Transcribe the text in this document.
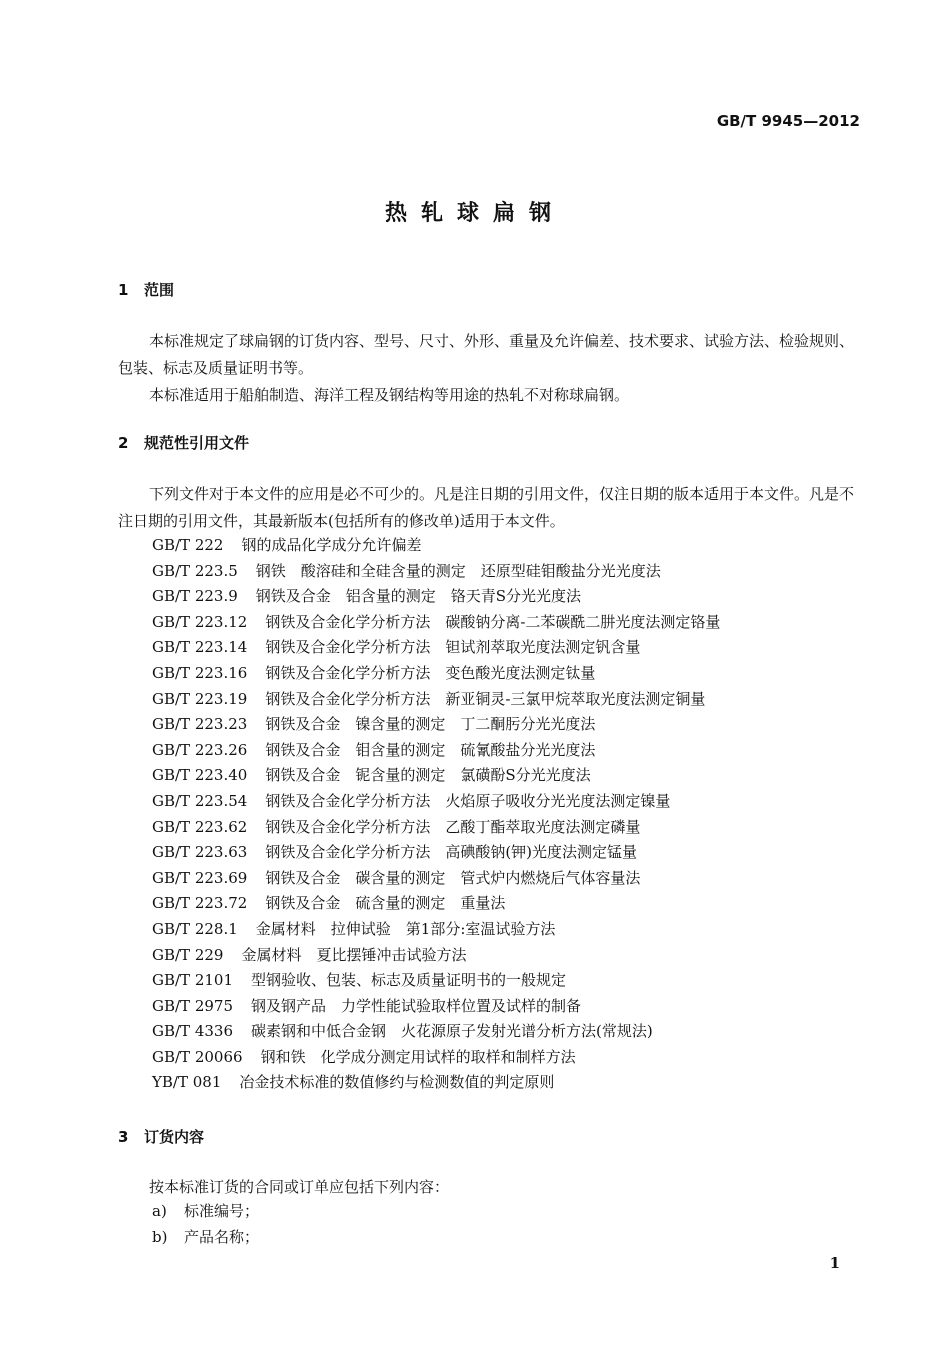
GB/T 9945—2012
热轧球扁钢
1 范围
本标准规定了球扁钢的订货内容、型号、尺寸、外形、重量及允许偏差、技术要求、试验方法、检验规则、包装、标志及质量证明书等。
本标准适用于船舶制造、海洋工程及钢结构等用途的热轧不对称球扁钢。
2 规范性引用文件
下列文件对于本文件的应用是必不可少的。凡是注日期的引用文件，仅注日期的版本适用于本文件。凡是不注日期的引用文件，其最新版本(包括所有的修改单)适用于本文件。
GB/T 222 钢的成品化学成分允许偏差
GB/T 223.5 钢铁　酸溶硅和全硅含量的测定　还原型硅钼酸盐分光光度法
GB/T 223.9 钢铁及合金　铝含量的测定　铬天青S分光光度法
GB/T 223.12 钢铁及合金化学分析方法　碳酸钠分离-二苯碳酰二肼光度法测定铬量
GB/T 223.14 钢铁及合金化学分析方法　钽试剂萃取光度法测定钒含量
GB/T 223.16 钢铁及合金化学分析方法　变色酸光度法测定钛量
GB/T 223.19 钢铁及合金化学分析方法　新亚铜灵-三氯甲烷萃取光度法测定铜量
GB/T 223.23 钢铁及合金　镍含量的测定　丁二酮肟分光光度法
GB/T 223.26 钢铁及合金　钼含量的测定　硫氰酸盐分光光度法
GB/T 223.40 钢铁及合金　铌含量的测定　氯磺酚S分光光度法
GB/T 223.54 钢铁及合金化学分析方法　火焰原子吸收分光光度法测定镍量
GB/T 223.62 钢铁及合金化学分析方法　乙酸丁酯萃取光度法测定磷量
GB/T 223.63 钢铁及合金化学分析方法　高碘酸钠(钾)光度法测定锰量
GB/T 223.69 钢铁及合金　碳含量的测定　管式炉内燃烧后气体容量法
GB/T 223.72 钢铁及合金　硫含量的测定　重量法
GB/T 228.1 金属材料　拉伸试验　第1部分:室温试验方法
GB/T 229 金属材料　夏比摆锤冲击试验方法
GB/T 2101 型钢验收、包装、标志及质量证明书的一般规定
GB/T 2975 钢及钢产品　力学性能试验取样位置及试样的制备
GB/T 4336 碳素钢和中低合金钢　火花源原子发射光谱分析方法(常规法)
GB/T 20066 钢和铁　化学成分测定用试样的取样和制样方法
YB/T 081 冶金技术标准的数值修约与检测数值的判定原则
3 订货内容
按本标准订货的合同或订单应包括下列内容：
a) 标准编号；
b) 产品名称；
1
